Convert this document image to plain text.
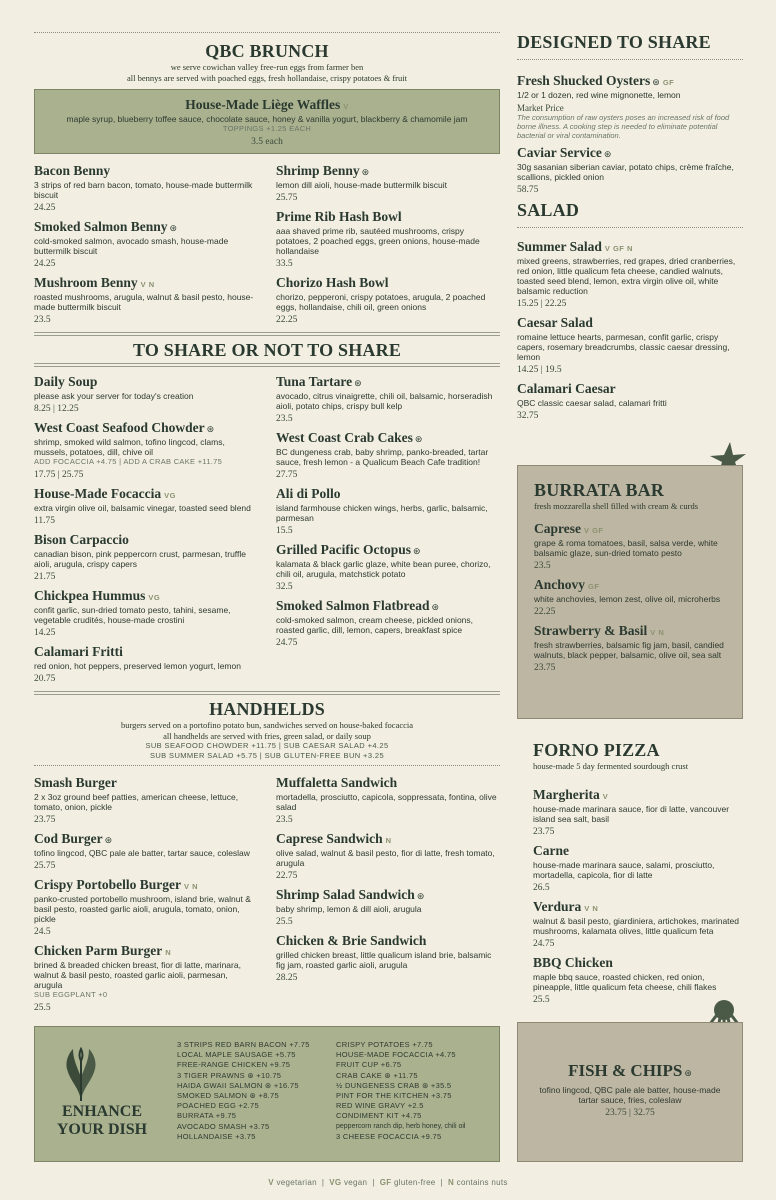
QBC BRUNCH
we serve cowichan valley free-run eggs from farmer ben
all bennys are served with poached eggs, fresh hollandaise, crispy potatoes & fruit
House-Made Liège Waffles V
maple syrup, blueberry toffee sauce, chocolate sauce, honey & vanilla yogurt, blackberry & chamomile jam
TOPPINGS +1.25 EACH
3.5 each
Bacon Benny
3 strips of red barn bacon, tomato, house-made buttermilk biscuit
24.25
Smoked Salmon Benny ⊛
cold-smoked salmon, avocado smash, house-made buttermilk biscuit
24.25
Mushroom Benny V N
roasted mushrooms, arugula, walnut & basil pesto, house-made buttermilk biscuit
23.5
Shrimp Benny ⊛
lemon dill aioli, house-made buttermilk biscuit
25.75
Prime Rib Hash Bowl
aaa shaved prime rib, sautéed mushrooms, crispy potatoes, 2 poached eggs, green onions, house-made hollandaise
33.5
Chorizo Hash Bowl
chorizo, pepperoni, crispy potatoes, arugula, 2 poached eggs, hollandaise, chili oil, green onions
22.25
TO SHARE OR NOT TO SHARE
Daily Soup
please ask your server for today's creation
8.25 | 12.25
West Coast Seafood Chowder ⊛
shrimp, smoked wild salmon, tofino lingcod, clams, mussels, potatoes, dill, chive oil
ADD FOCACCIA +4.75 | ADD A CRAB CAKE +11.75
17.75 | 25.75
House-Made Focaccia VG
extra virgin olive oil, balsamic vinegar, toasted seed blend
11.75
Bison Carpaccio
canadian bison, pink peppercorn crust, parmesan, truffle aioli, arugula, crispy capers
21.75
Chickpea Hummus VG
confit garlic, sun-dried tomato pesto, tahini, sesame, vegetable crudités, house-made crostini
14.25
Calamari Fritti
red onion, hot peppers, preserved lemon yogurt, lemon
20.75
Tuna Tartare ⊛
avocado, citrus vinaigrette, chili oil, balsamic, horseradish aioli, potato chips, crispy bull kelp
23.5
West Coast Crab Cakes ⊛
BC dungeness crab, baby shrimp, panko-breaded, tartar sauce, fresh lemon - a Qualicum Beach Cafe tradition!
27.75
Ali di Pollo
island farmhouse chicken wings, herbs, garlic, balsamic, parmesan
15.5
Grilled Pacific Octopus ⊛
kalamata & black garlic glaze, white bean puree, chorizo, chili oil, arugula, matchstick potato
32.5
Smoked Salmon Flatbread ⊛
cold-smoked salmon, cream cheese, pickled onions, roasted garlic, dill, lemon, capers, breakfast spice
24.75
HANDHELDS
burgers served on a portofino potato bun, sandwiches served on house-baked focaccia
all handhelds are served with fries, green salad, or daily soup
SUB SEAFOOD CHOWDER +11.75 | SUB CAESAR SALAD +4.25
SUB SUMMER SALAD +5.75 | SUB GLUTEN-FREE BUN +3.25
Smash Burger
2 x 3oz ground beef patties, american cheese, lettuce, tomato, onion, pickle
23.75
Cod Burger ⊛
tofino lingcod, QBC pale ale batter, tartar sauce, coleslaw
25.75
Crispy Portobello Burger V N
panko-crusted portobello mushroom, island brie, walnut & basil pesto, roasted garlic aioli, arugula, tomato, onion, pickle
24.5
Chicken Parm Burger N
brined & breaded chicken breast, fior di latte, marinara, walnut & basil pesto, roasted garlic aioli, parmesan, arugula
SUB EGGPLANT +0
25.5
Muffaletta Sandwich
mortadella, prosciutto, capicola, soppressata, fontina, olive salad
23.5
Caprese Sandwich N
olive salad, walnut & basil pesto, fior di latte, fresh tomato, arugula
22.75
Shrimp Salad Sandwich ⊛
baby shrimp, lemon & dill aioli, arugula
25.5
Chicken & Brie Sandwich
grilled chicken breast, little qualicum island brie, balsamic fig jam, roasted garlic aioli, arugula
28.25
ENHANCE
YOUR DISH
3 STRIPS RED BARN BACON +7.75
LOCAL MAPLE SAUSAGE +5.75
FREE-RANGE CHICKEN +9.75
3 TIGER PRAWNS ⊛ +10.75
HAIDA GWAII SALMON ⊛ +16.75
SMOKED SALMON ⊛ +8.75
POACHED EGG +2.75
BURRATA +9.75
AVOCADO SMASH +3.75
HOLLANDAISE +3.75
CRISPY POTATOES +7.75
HOUSE-MADE FOCACCIA +4.75
FRUIT CUP +6.75
CRAB CAKE ⊛ +11.75
½ DUNGENESS CRAB ⊛ +35.5
PINT FOR THE KITCHEN +3.75
RED WINE GRAVY +2.5
CONDIMENT KIT +4.75
peppercorn ranch dip, herb honey, chili oil
3 CHEESE FOCACCIA +9.75
DESIGNED TO SHARE
Fresh Shucked Oysters ⊛ GF
1/2 or 1 dozen, red wine mignonette, lemon
Market Price
The consumption of raw oysters poses an increased risk of food borne illness. A cooking step is needed to eliminate potential bacterial or viral contamination.
Caviar Service ⊛
30g sasanian siberian caviar, potato chips, crème fraîche, scallions, pickled onion
58.75
SALAD
Summer Salad V GF N
mixed greens, strawberries, red grapes, dried cranberries, red onion, little qualicum feta cheese, candied walnuts, toasted seed blend, lemon, extra virgin olive oil, white balsamic reduction
15.25 | 22.25
Caesar Salad
romaine lettuce hearts, parmesan, confit garlic, crispy capers, rosemary breadcrumbs, classic caesar dressing, lemon
14.25 | 19.5
Calamari Caesar
QBC classic caesar salad, calamari fritti
32.75
BURRATA BAR
fresh mozzarella shell filled with cream & curds
Caprese V GF
grape & roma tomatoes, basil, salsa verde, white balsamic glaze, sun-dried tomato pesto
23.5
Anchovy GF
white anchovies, lemon zest, olive oil, microherbs
22.25
Strawberry & Basil V N
fresh strawberries, balsamic fig jam, basil, candied walnuts, black pepper, balsamic, olive oil, sea salt
23.75
FORNO PIZZA
house-made 5 day fermented sourdough crust
Margherita V
house-made marinara sauce, fior di latte, vancouver island sea salt, basil
23.75
Carne
house-made marinara sauce, salami, prosciutto, mortadella, capicola, fior di latte
26.5
Verdura V N
walnut & basil pesto, giardiniera, artichokes, marinated mushrooms, kalamata olives, little qualicum feta
24.75
BBQ Chicken
maple bbq sauce, roasted chicken, red onion, pineapple, little qualicum feta cheese, chili flakes
25.5
FISH & CHIPS ⊛
tofino lingcod, QBC pale ale batter, house-made tartar sauce, fries, coleslaw
23.75 | 32.75
V vegetarian  |  VG vegan  |  GF gluten-free  |  N contains nuts
